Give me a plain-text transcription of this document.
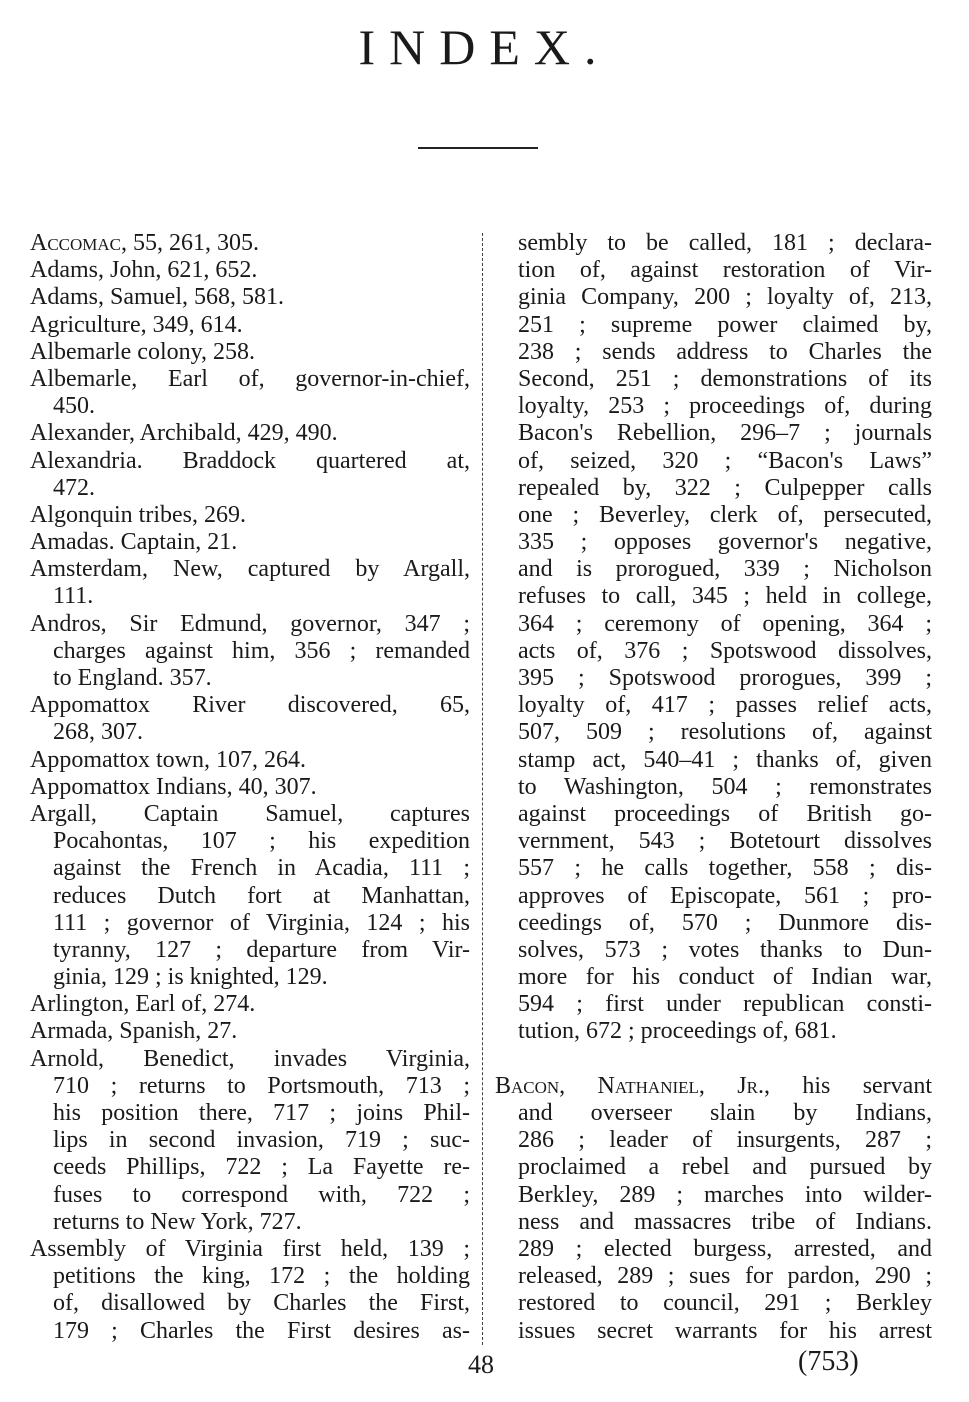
INDEX.
Accomac, 55, 261, 305.
Adams, John, 621, 652.
Adams, Samuel, 568, 581.
Agriculture, 349, 614.
Albemarle colony, 258.
Albemarle, Earl of, governor-in-chief,
450.
Alexander, Archibald, 429, 490.
Alexandria. Braddock quartered at,
472.
Algonquin tribes, 269.
Amadas. Captain, 21.
Amsterdam, New, captured by Argall,
111.
Andros, Sir Edmund, governor, 347 ;
charges against him, 356 ; remanded
to England. 357.
Appomattox River discovered, 65,
268, 307.
Appomattox town, 107, 264.
Appomattox Indians, 40, 307.
Argall, Captain Samuel, captures
Pocahontas, 107 ; his expedition
against the French in Acadia, 111 ;
reduces Dutch fort at Manhattan,
111 ; governor of Virginia, 124 ; his
tyranny, 127 ; departure from Vir-
ginia, 129 ; is knighted, 129.
Arlington, Earl of, 274.
Armada, Spanish, 27.
Arnold, Benedict, invades Virginia,
710 ; returns to Portsmouth, 713 ;
his position there, 717 ; joins Phil-
lips in second invasion, 719 ; suc-
ceeds Phillips, 722 ; La Fayette re-
fuses to correspond with, 722 ;
returns to New York, 727.
Assembly of Virginia first held, 139 ;
petitions the king, 172 ; the holding
of, disallowed by Charles the First,
179 ; Charles the First desires as-
sembly to be called, 181 ; declara-
tion of, against restoration of Vir-
ginia Company, 200 ; loyalty of, 213,
251 ; supreme power claimed by,
238 ; sends address to Charles the
Second, 251 ; demonstrations of its
loyalty, 253 ; proceedings of, during
Bacon's Rebellion, 296–7 ; journals
of, seized, 320 ; “Bacon's Laws”
repealed by, 322 ; Culpepper calls
one ; Beverley, clerk of, persecuted,
335 ; opposes governor's negative,
and is prorogued, 339 ; Nicholson
refuses to call, 345 ; held in college,
364 ; ceremony of opening, 364 ;
acts of, 376 ; Spotswood dissolves,
395 ; Spotswood prorogues, 399 ;
loyalty of, 417 ; passes relief acts,
507, 509 ; resolutions of, against
stamp act, 540–41 ; thanks of, given
to Washington, 504 ; remonstrates
against proceedings of British go-
vernment, 543 ; Botetourt dissolves
557 ; he calls together, 558 ; dis-
approves of Episcopate, 561 ; pro-
ceedings of, 570 ; Dunmore dis-
solves, 573 ; votes thanks to Dun-
more for his conduct of Indian war,
594 ; first under republican consti-
tution, 672 ; proceedings of, 681.
Bacon, Nathaniel, Jr., his servant
and overseer slain by Indians,
286 ; leader of insurgents, 287 ;
proclaimed a rebel and pursued by
Berkley, 289 ; marches into wilder-
ness and massacres tribe of Indians.
289 ; elected burgess, arrested, and
released, 289 ; sues for pardon, 290 ;
restored to council, 291 ; Berkley
issues secret warrants for his arrest
48	(753)
